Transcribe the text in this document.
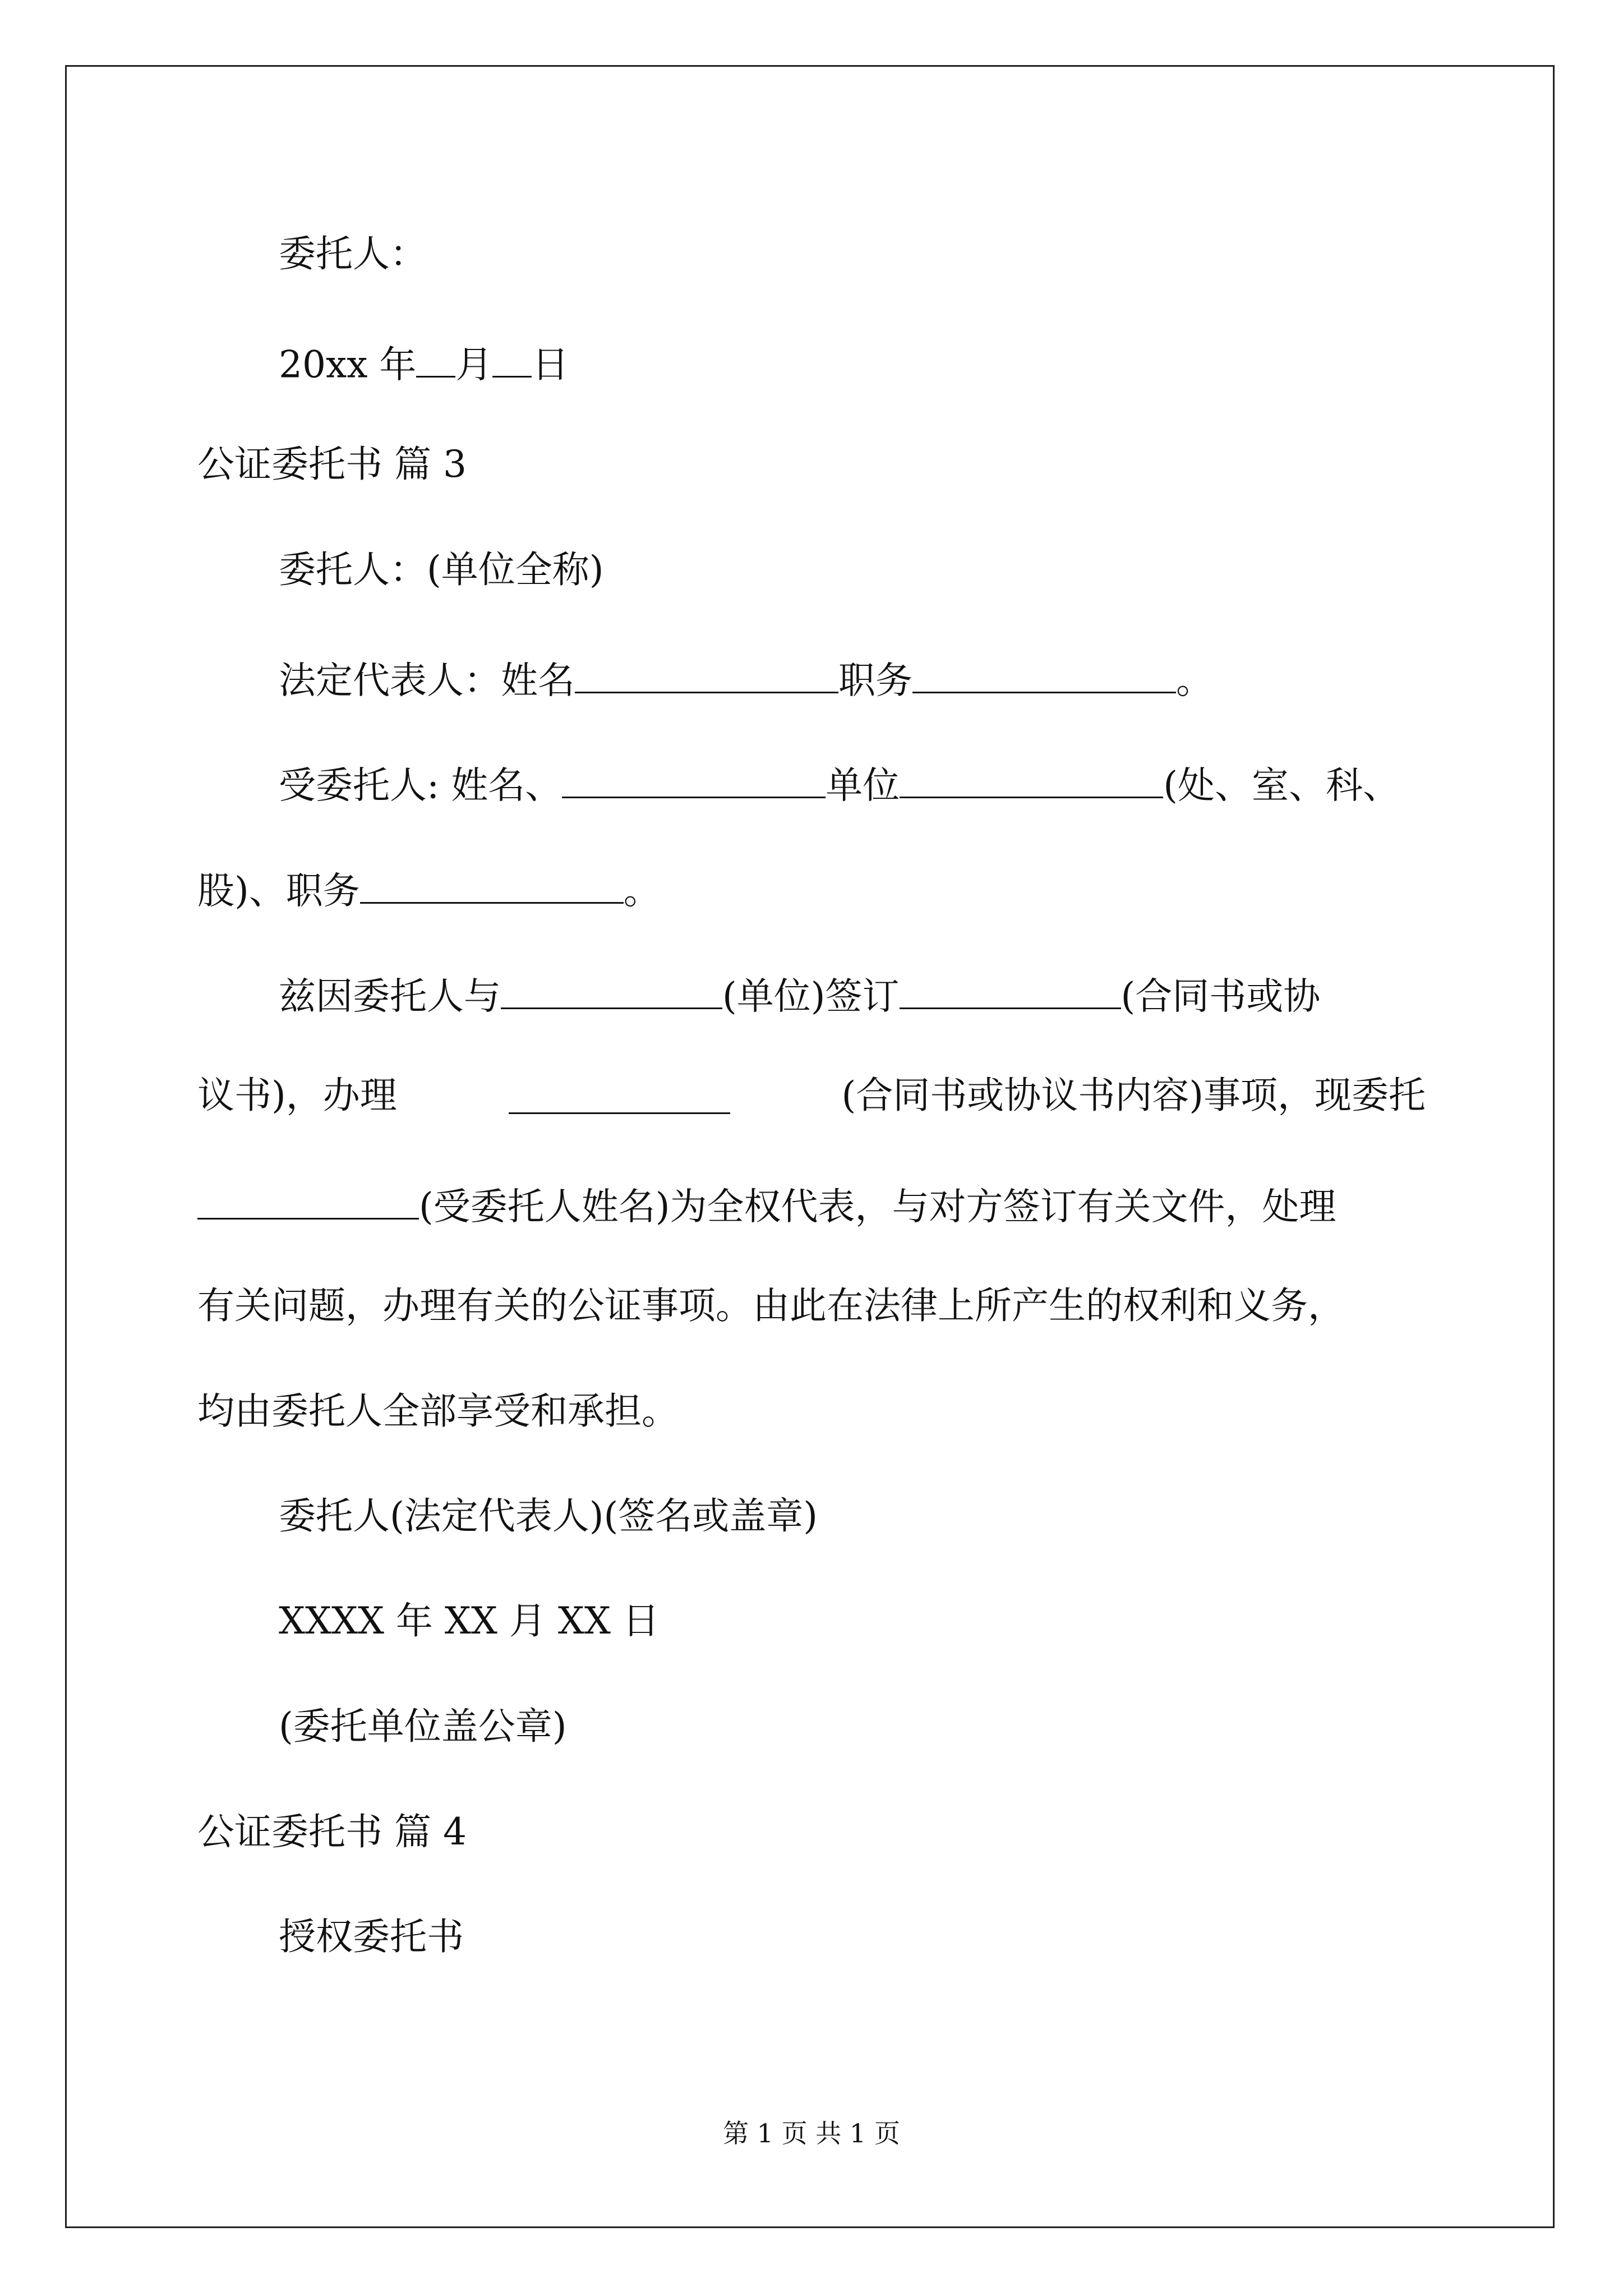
委托人：
20xx 年 月 日
公证委托书 篇 3
委托人：(单位全称)
法定代表人：姓名	职务	。
受委托人: 姓名、	单位	(处、室、科、
股)、职务	。
兹因委托人与	(单位)签订	(合同书或协
议书)，办理	(合同书或协议书内容)事项，现委托
(受委托人姓名)为全权代表，与对方签订有关文件，处理
有关问题，办理有关的公证事项。由此在法律上所产生的权利和义务，
均由委托人全部享受和承担。
委托人(法定代表人)(签名或盖章)
XXXX 年 XX 月 XX 日
(委托单位盖公章)
公证委托书 篇 4
授权委托书
第 1 页 共 1 页
